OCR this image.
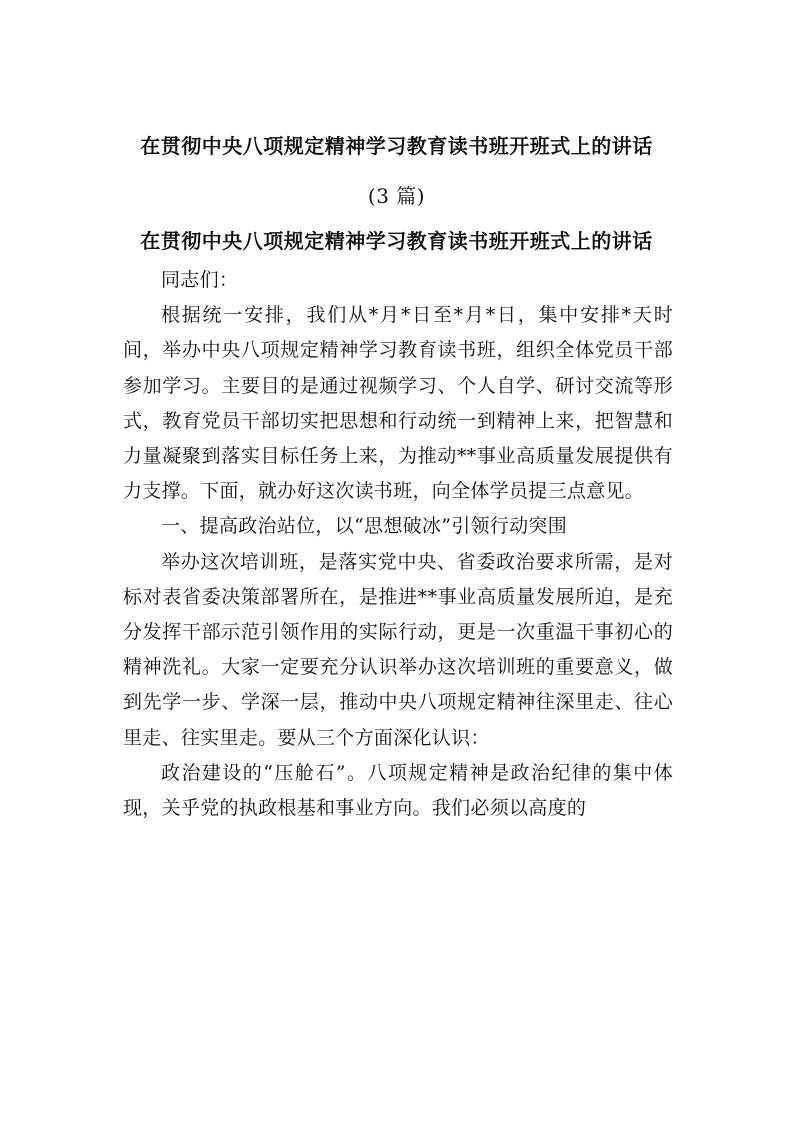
在贯彻中央八项规定精神学习教育读书班开班式上的讲话
(3 篇)
在贯彻中央八项规定精神学习教育读书班开班式上的讲话

同志们：

根据统一安排，我们从*月*日至*月*日，集中安排*天时间，举办中央八项规定精神学习教育读书班，组织全体党员干部参加学习。主要目的是通过视频学习、个人自学、研讨交流等形式，教育党员干部切实把思想和行动统一到精神上来，把智慧和力量凝聚到落实目标任务上来，为推动**事业高质量发展提供有力支撑。下面，就办好这次读书班，向全体学员提三点意见。

一、提高政治站位，以“思想破冰”引领行动突围

举办这次培训班，是落实党中央、省委政治要求所需，是对标对表省委决策部署所在，是推进**事业高质量发展所迫，是充分发挥干部示范引领作用的实际行动，更是一次重温干事初心的精神洗礼。大家一定要充分认识举办这次培训班的重要意义，做到先学一步、学深一层，推动中央八项规定精神往深里走、往心里走、往实里走。要从三个方面深化认识：

政治建设的“压舱石”。八项规定精神是政治纪律的集中体现，关乎党的执政根基和事业方向。我们必须以高度的
